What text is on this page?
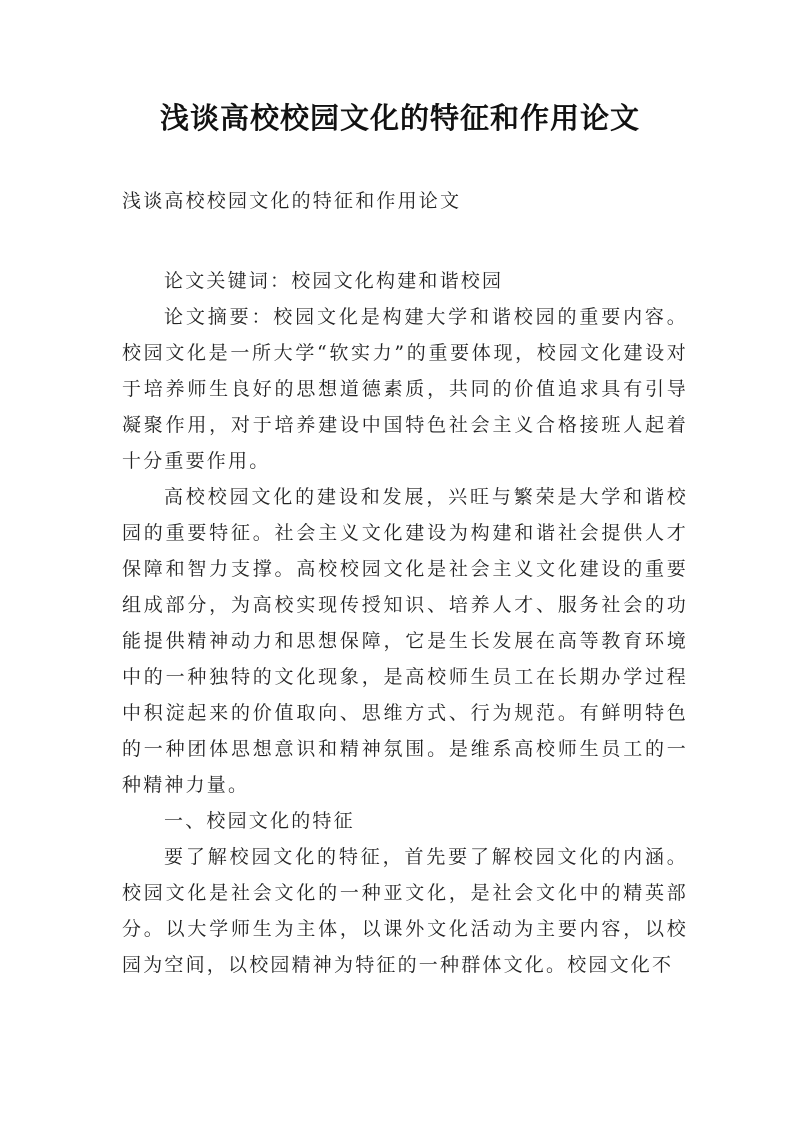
浅谈高校校园文化的特征和作用论文

浅谈高校校园文化的特征和作用论文

论文关键词：校园文化构建和谐校园

论文摘要：校园文化是构建大学和谐校园的重要内容。校园文化是一所大学“软实力”的重要体现，校园文化建设对于培养师生良好的思想道德素质，共同的价值追求具有引导凝聚作用，对于培养建设中国特色社会主义合格接班人起着十分重要作用。

高校校园文化的建设和发展，兴旺与繁荣是大学和谐校园的重要特征。社会主义文化建设为构建和谐社会提供人才保障和智力支撑。高校校园文化是社会主义文化建设的重要组成部分，为高校实现传授知识、培养人才、服务社会的功能提供精神动力和思想保障，它是生长发展在高等教育环境中的一种独特的文化现象，是高校师生员工在长期办学过程中积淀起来的价值取向、思维方式、行为规范。有鲜明特色的一种团体思想意识和精神氛围。是维系高校师生员工的一种精神力量。

一、校园文化的特征

要了解校园文化的特征，首先要了解校园文化的内涵。校园文化是社会文化的一种亚文化，是社会文化中的精英部分。以大学师生为主体，以课外文化活动为主要内容，以校园为空间，以校园精神为特征的一种群体文化。校园文化不
